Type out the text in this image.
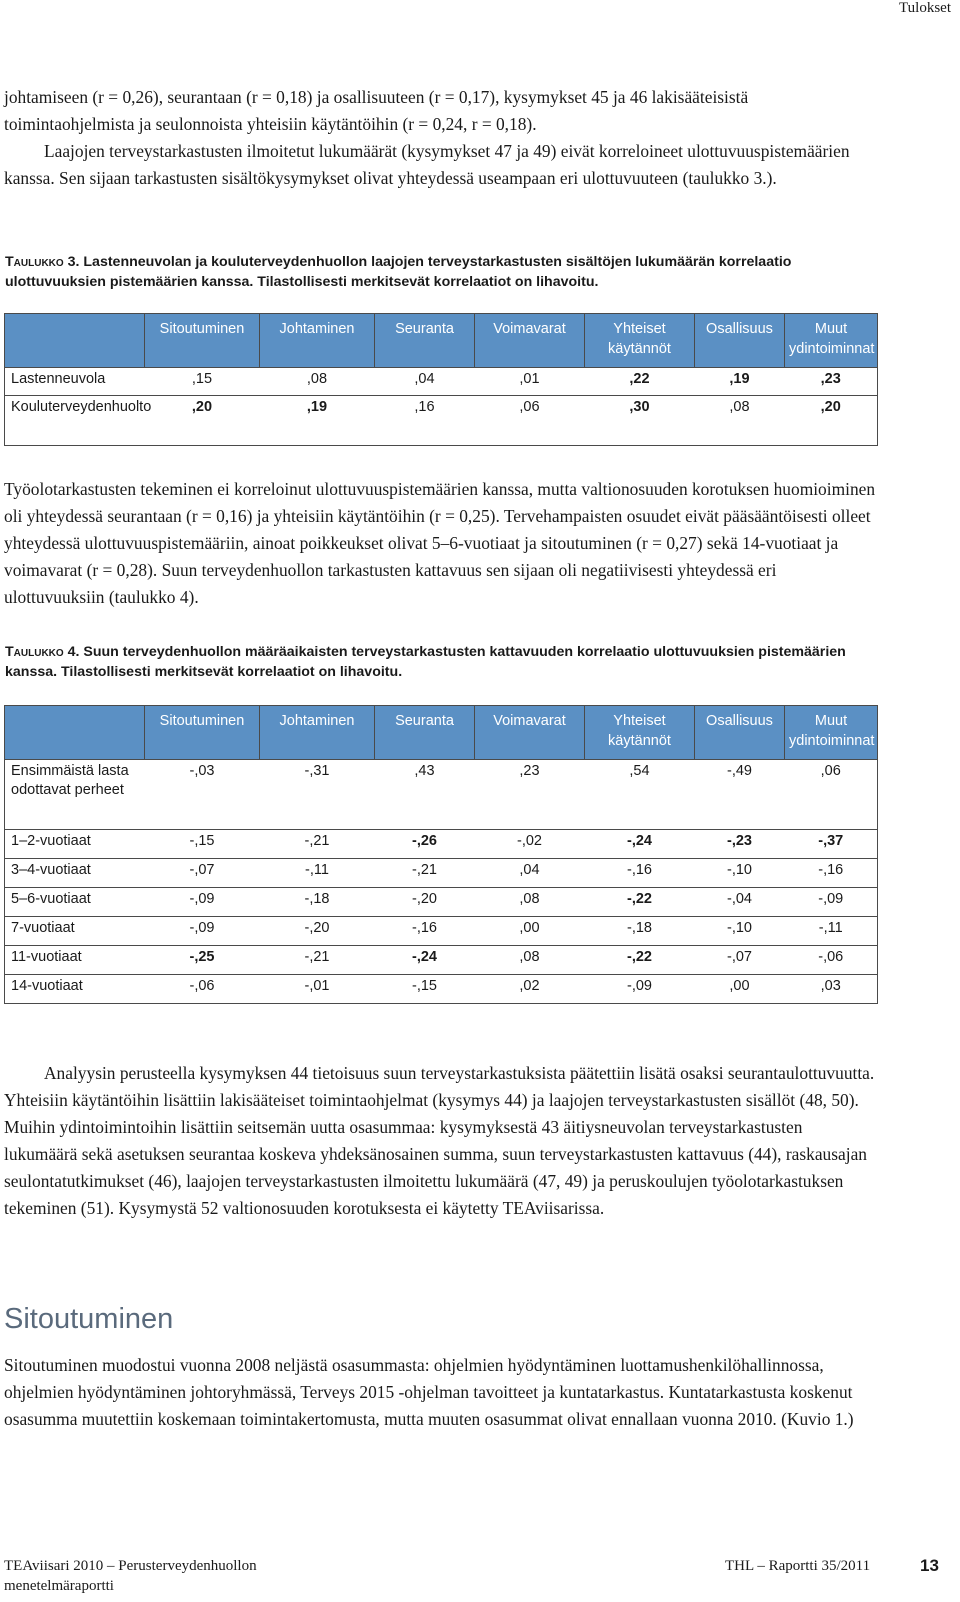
Tulokset

johtamiseen (r = 0,26), seurantaan (r = 0,18) ja osallisuuteen (r = 0,17), kysymykset 45 ja 46 lakisääteisistä toimintaohjelmista ja seulonnoista yhteisiin käytäntöihin (r = 0,24, r = 0,18).

Laajojen terveystarkastusten ilmoitetut lukumäärät (kysymykset 47 ja 49) eivät korreloineet ulottuvuuspistemäärien kanssa. Sen sijaan tarkastusten sisältökysymykset olivat yhteydessä useampaan eri ulottuvuuteen (taulukko 3.).

Taulukko 3. Lastenneuvolan ja kouluterveydenhuollon laajojen terveystarkastusten sisältöjen lukumäärän korrelaatio ulottuvuuksien pistemäärien kanssa. Tilastollisesti merkitsevät korrelaatiot on lihavoitu.
	Sitoutuminen	Johtaminen	Seuranta	Voimavarat	Yhteiset käytännöt	Osallisuus	Muut ydintoiminnat
Lastenneuvola	,15	,08	,04	,01	,22	,19	,23
Kouluterveydenhuolto	,20	,19	,16	,06	,30	,08	,20

Työolotarkastusten tekeminen ei korreloinut ulottuvuuspistemäärien kanssa, mutta valtionosuuden korotuksen huomioiminen oli yhteydessä seurantaan (r = 0,16) ja yhteisiin käytäntöihin (r = 0,25). Tervehampaisten osuudet eivät pääsääntöisesti olleet yhteydessä ulottuvuuspistemääriin, ainoat poikkeukset olivat 5–6-vuotiaat ja sitoutuminen (r = 0,27) sekä 14-vuotiaat ja voimavarat (r = 0,28). Suun terveydenhuollon tarkastusten kattavuus sen sijaan oli negatiivisesti yhteydessä eri ulottuvuuksiin (taulukko 4).

Taulukko 4. Suun terveydenhuollon määräaikaisten terveystarkastusten kattavuuden korrelaatio ulottuvuuksien pistemäärien kanssa. Tilastollisesti merkitsevät korrelaatiot on lihavoitu.
	Sitoutuminen	Johtaminen	Seuranta	Voimavarat	Yhteiset käytännöt	Osallisuus	Muut ydintoiminnat
Ensimmäistä lasta odottavat perheet	-,03	-,31	,43	,23	,54	-,49	,06
1–2-vuotiaat	-,15	-,21	-,26	-,02	-,24	-,23	-,37
3–4-vuotiaat	-,07	-,11	-,21	,04	-,16	-,10	-,16
5–6-vuotiaat	-,09	-,18	-,20	,08	-,22	-,04	-,09
7-vuotiaat	-,09	-,20	-,16	,00	-,18	-,10	-,11
11-vuotiaat	-,25	-,21	-,24	,08	-,22	-,07	-,06
14-vuotiaat	-,06	-,01	-,15	,02	-,09	,00	,03

Analyysin perusteella kysymyksen 44 tietoisuus suun terveystarkastuksista päätettiin lisätä osaksi seurantaulottuvuutta. Yhteisiin käytäntöihin lisättiin lakisääteiset toimintaohjelmat (kysymys 44) ja laajojen terveystarkastusten sisällöt (48, 50). Muihin ydintoimintoihin lisättiin seitsemän uutta osasummaa: kysymyksestä 43 äitiysneuvolan terveystarkastusten lukumäärä sekä asetuksen seurantaa koskeva yhdeksänosainen summa, suun terveystarkastusten kattavuus (44), raskausajan seulontatutkimukset (46), laajojen terveystarkastusten ilmoitettu lukumäärä (47, 49) ja peruskoulujen työolotarkastuksen tekeminen (51). Kysymystä 52 valtionosuuden korotuksesta ei käytetty TEAviisarissa.

Sitoutuminen

Sitoutuminen muodostui vuonna 2008 neljästä osasummasta: ohjelmien hyödyntäminen luottamushenkilöhallinnossa, ohjelmien hyödyntäminen johtoryhmässä, Terveys 2015 -ohjelman tavoitteet ja kuntatarkastus. Kuntatarkastusta koskenut osasumma muutettiin koskemaan toimintakertomusta, mutta muuten osasummat olivat ennallaan vuonna 2010. (Kuvio 1.)

TEAviisari 2010 – Perusterveydenhuollon
menetelmäraportti
THL – Raportti 35/2011	13
